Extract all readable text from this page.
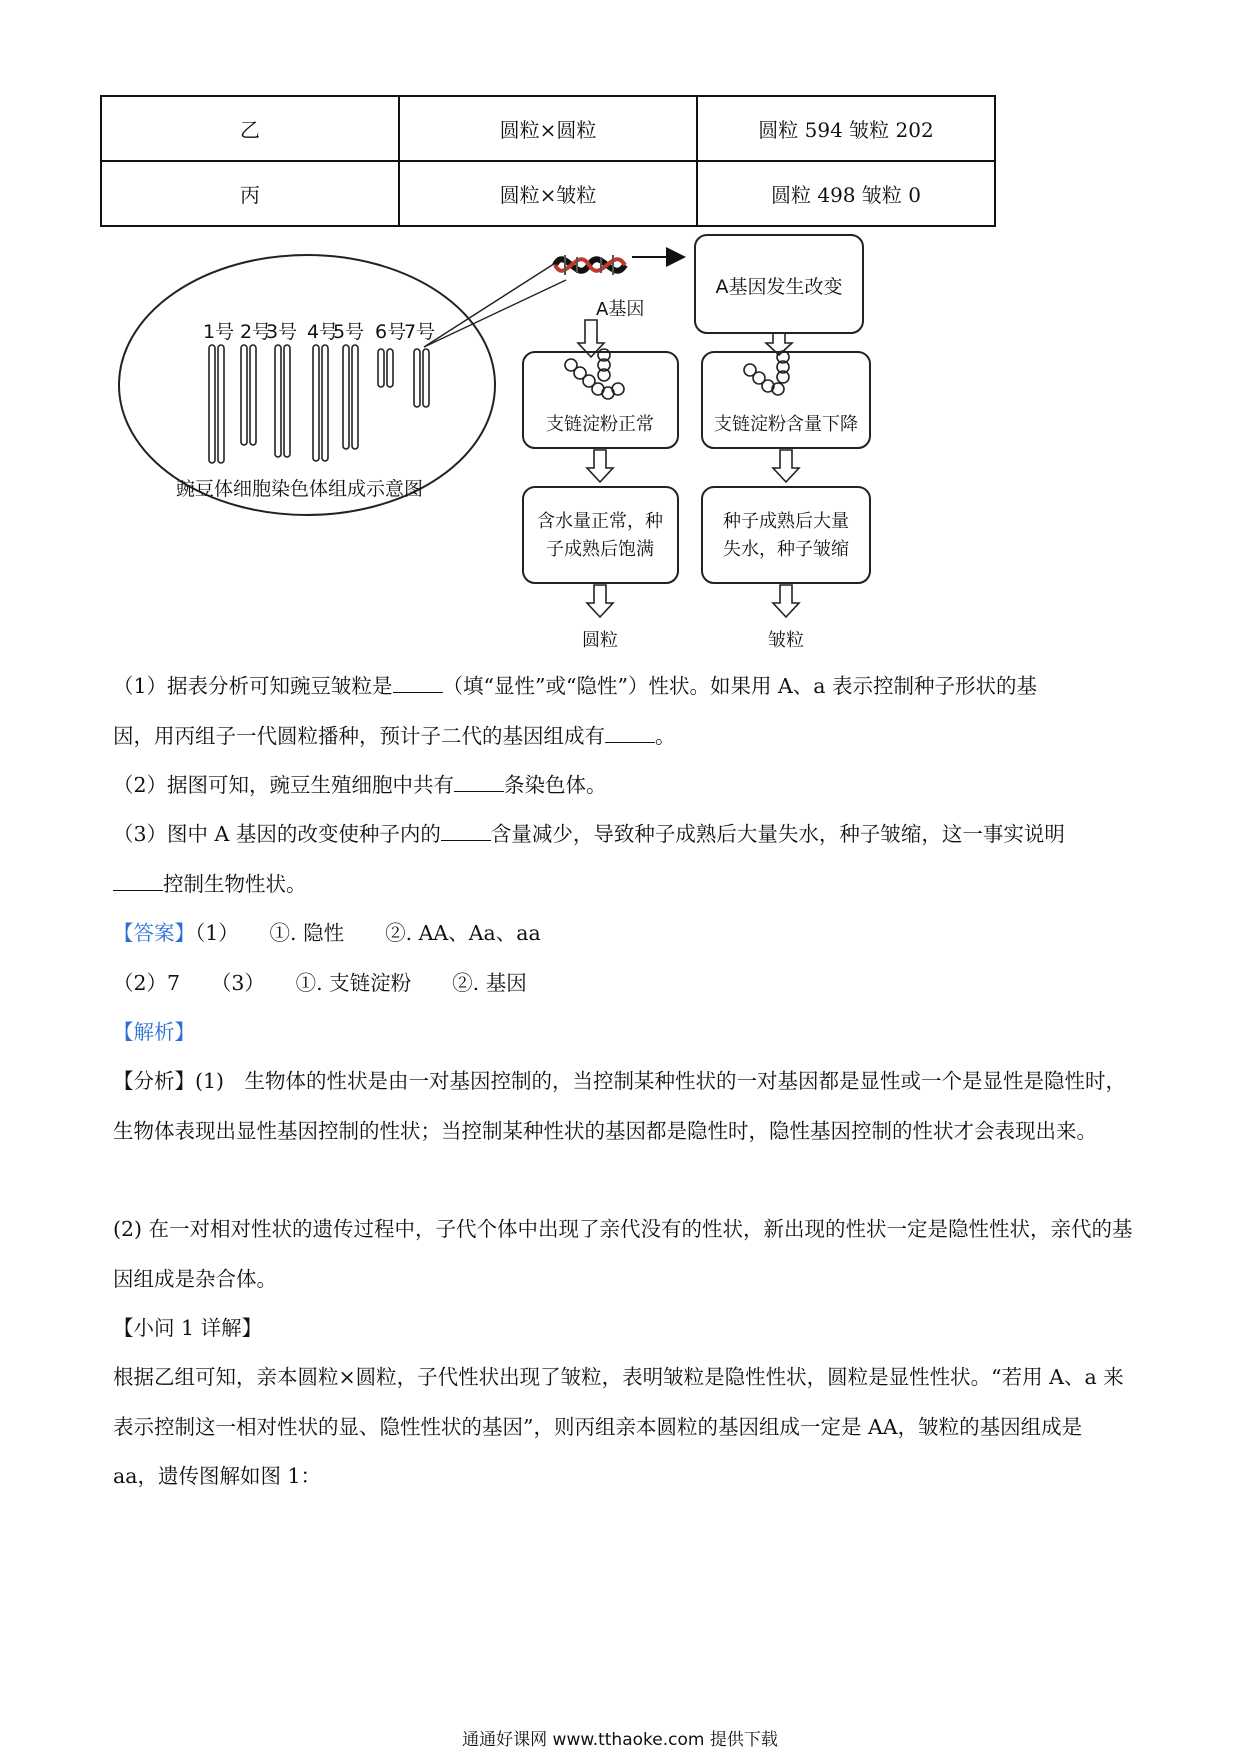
乙	圆粒×圆粒	圆粒 594 皱粒 202
丙	圆粒×皱粒	圆粒 498 皱粒 0
1号 2号
3号 4号
5号 6号
7号
豌豆体细胞染色体组成示意图
A基因
A基因发生改变
支链淀粉正常	支链淀粉含量下降
含水量正常，种
子成熟后饱满
种子成熟后大量
失水，种子皱缩
圆粒	皱粒
（1）据表分析可知豌豆皱粒是 （填“显性”或“隐性”）性状。如果用 A、a 表示控制种子形状的基
因，用丙组子一代圆粒播种，预计子二代的基因组成有 。
（2）据图可知，豌豆生殖细胞中共有 条染色体。
（3）图中 A 基因的改变使种子内的 含量减少，导致种子成熟后大量失水，种子皱缩，这一事实说明
控制生物性状。
【答案】（1）　　①. 隐性　　②. AA、Aa、aa
（2）7　　（3）　　①. 支链淀粉　　②. 基因
【解析】
【分析】(1)　生物体的性状是由一对基因控制的，当控制某种性状的一对基因都是显性或一个是显性是隐性时，生物体表现出显性基因控制的性状；当控制某种性状的基因都是隐性时，隐性基因控制的性状才会表现出来。
(2) 在一对相对性状的遗传过程中，子代个体中出现了亲代没有的性状，新出现的性状一定是隐性性状，亲代的基因组成是杂合体。
【小问 1 详解】
根据乙组可知，亲本圆粒×圆粒，子代性状出现了皱粒，表明皱粒是隐性性状，圆粒是显性性状。“若用 A、a 来表示控制这一相对性状的显、隐性性状的基因”，则丙组亲本圆粒的基因组成一定是 AA，皱粒的基因组成是 aa，遗传图解如图 1：
通通好课网 www.tthaoke.com 提供下载
